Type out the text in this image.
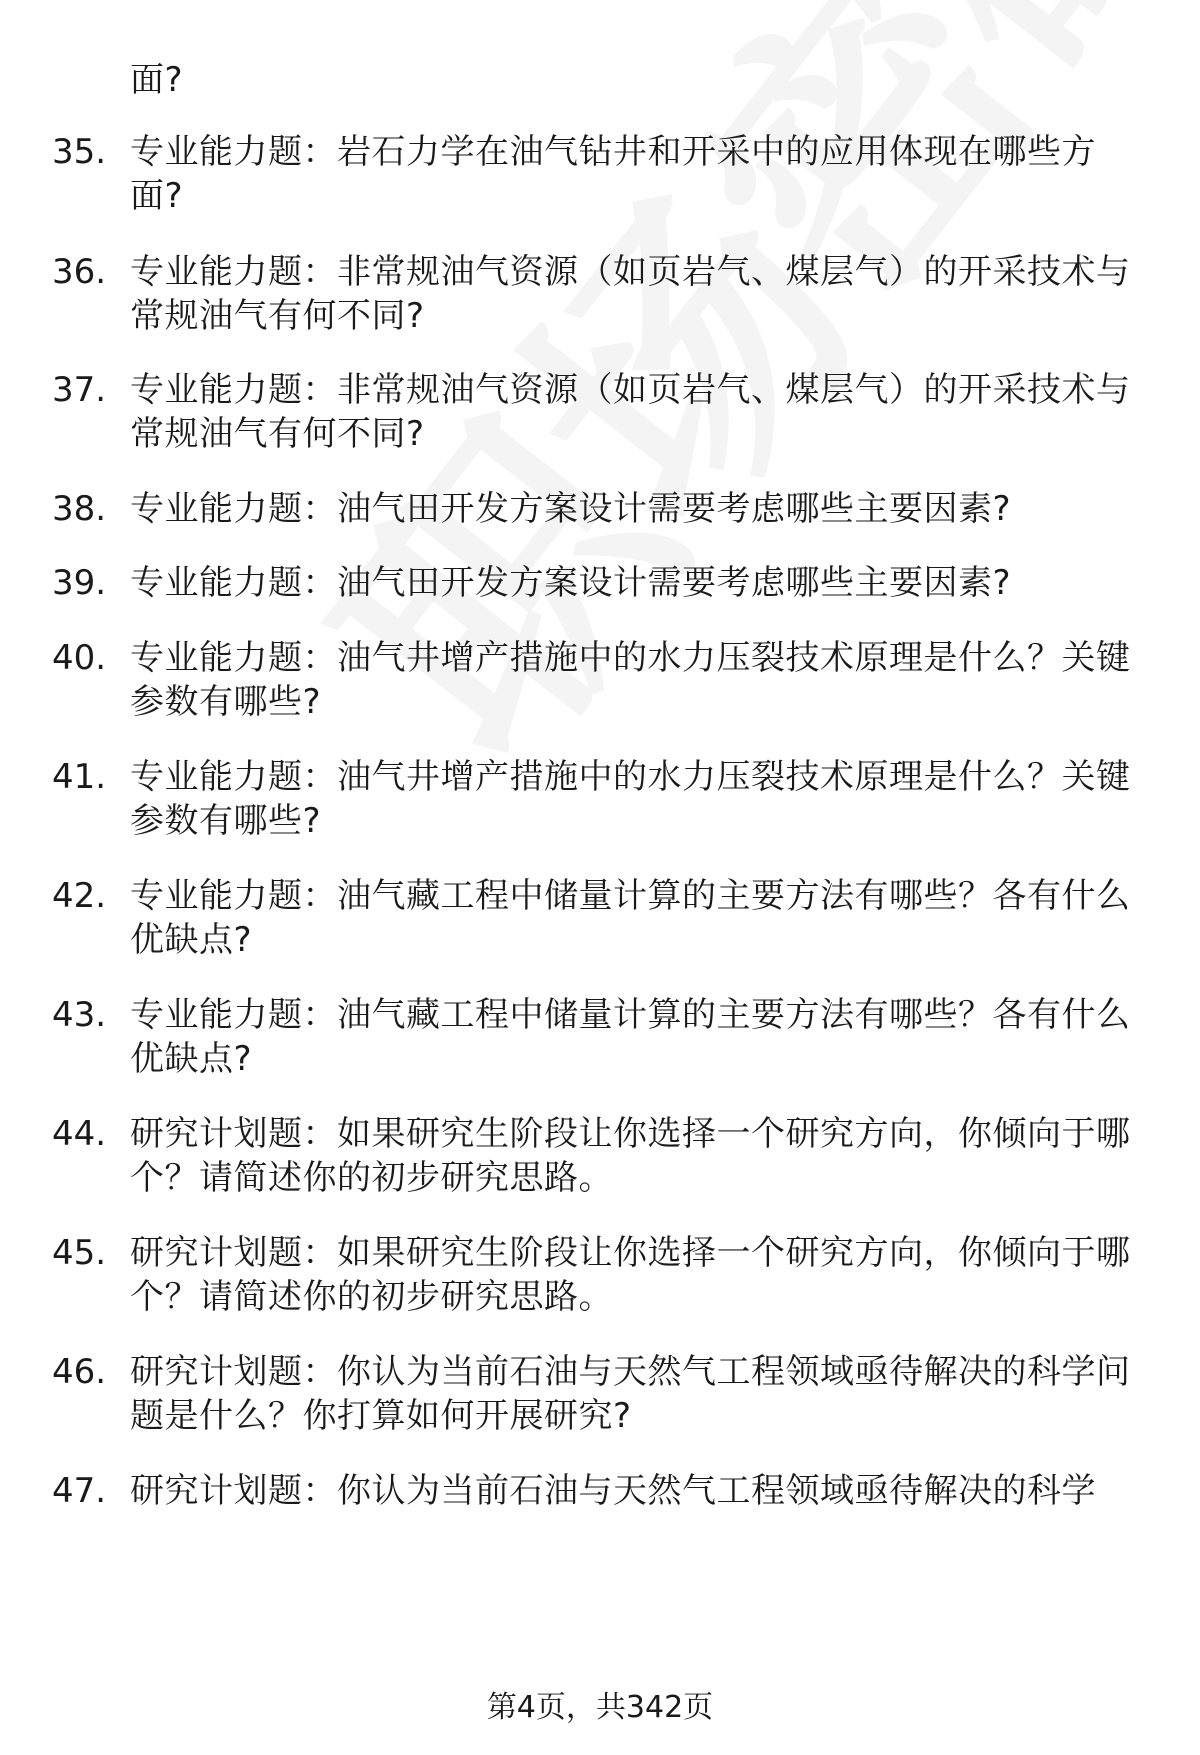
面?
35. 专业能力题：岩石力学在油气钻井和开采中的应用体现在哪些方面?
36. 专业能力题：非常规油气资源（如页岩气、煤层气）的开采技术与常规油气有何不同?
37. 专业能力题：非常规油气资源（如页岩气、煤层气）的开采技术与常规油气有何不同?
38. 专业能力题：油气田开发方案设计需要考虑哪些主要因素?
39. 专业能力题：油气田开发方案设计需要考虑哪些主要因素?
40. 专业能力题：油气井增产措施中的水力压裂技术原理是什么？关键参数有哪些?
41. 专业能力题：油气井增产措施中的水力压裂技术原理是什么？关键参数有哪些?
42. 专业能力题：油气藏工程中储量计算的主要方法有哪些？各有什么优缺点?
43. 专业能力题：油气藏工程中储量计算的主要方法有哪些？各有什么优缺点?
44. 研究计划题：如果研究生阶段让你选择一个研究方向，你倾向于哪个？请简述你的初步研究思路。
45. 研究计划题：如果研究生阶段让你选择一个研究方向，你倾向于哪个？请简述你的初步研究思路。
46. 研究计划题：你认为当前石油与天然气工程领域亟待解决的科学问题是什么？你打算如何开展研究?
47. 研究计划题：你认为当前石油与天然气工程领域亟待解决的科学
第4页，共342页
